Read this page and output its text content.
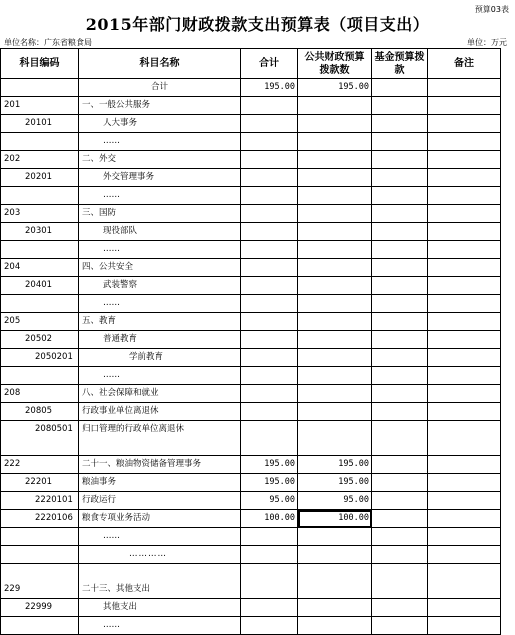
预算03表
2015年部门财政拨款支出预算表（项目支出）
单位名称：广东省粮食局	单位：万元
科目编码	科目名称	合计	公共财政预算拨款数	基金预算拨款	备注
	合计	195.00	195.00		
201	一、一般公共服务				
20101	人大事务				
	……				
202	二、外交				
20201	外交管理事务				
	……				
203	三、国防				
20301	现役部队				
	……				
204	四、公共安全				
20401	武装警察				
	……				
205	五、教育				
20502	普通教育				
2050201	学前教育				
	……				
208	八、社会保障和就业				
20805	行政事业单位离退休				
2080501	归口管理的行政单位离退休				

222	二十一、粮油物资储备管理事务	195.00	195.00		
22201	粮油事务	195.00	195.00		
2220101	行政运行	95.00	95.00		
2220106	粮食专项业务活动	100.00	100.00		
	……				
	…………				

229	二十三、其他支出				
22999	其他支出				
	……				
